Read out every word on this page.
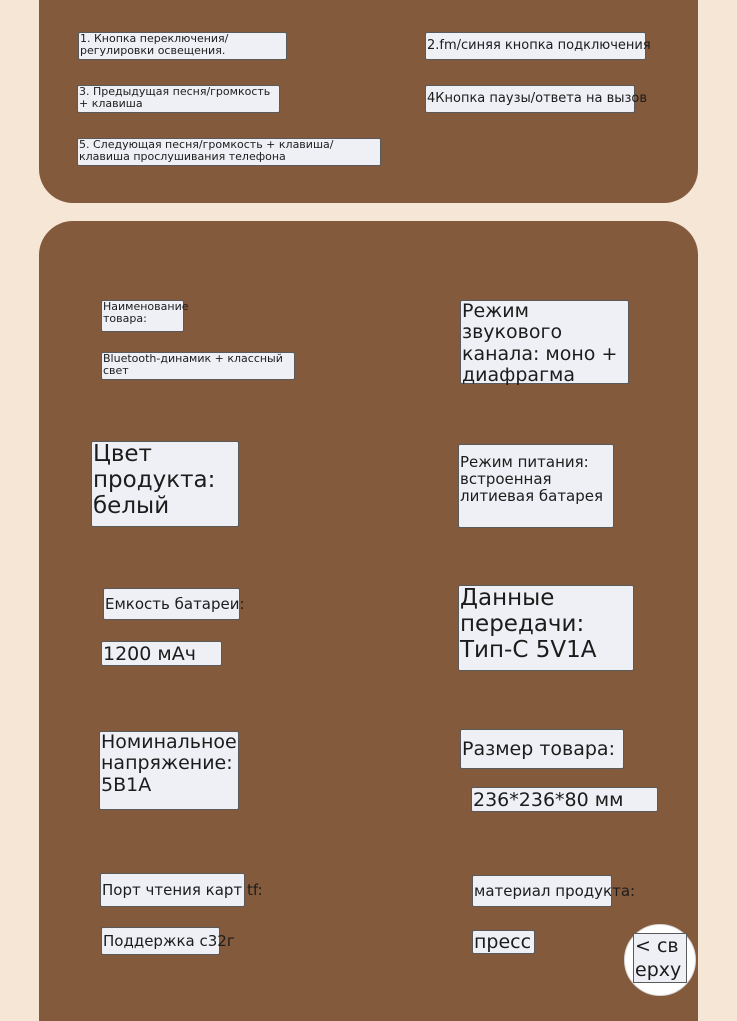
1. Кнопка переключения/ регулировки освещения.	2.fm/синяя кнопка подключения
3. Предыдущая песня/громкость + клавиша	4Кнопка паузы/ответа на вызов
5. Следующая песня/громкость + клавиша/клавиша прослушивания телефона
Наименование товара:
Bluetooth-динамик + классный свет
Режим звукового канала: моно + диафрагма
Цвет продукта: белый
Режим питания: встроенная литиевая батарея
Емкость батареи:
1200 мАч
Данные передачи: Тип-С 5V1A
Номинальное напряжение: 5В1А
Размер товара:
236*236*80 мм
Порт чтения карт tf:	материал продукта:
Поддержка с32г	пресс	< св ерху
